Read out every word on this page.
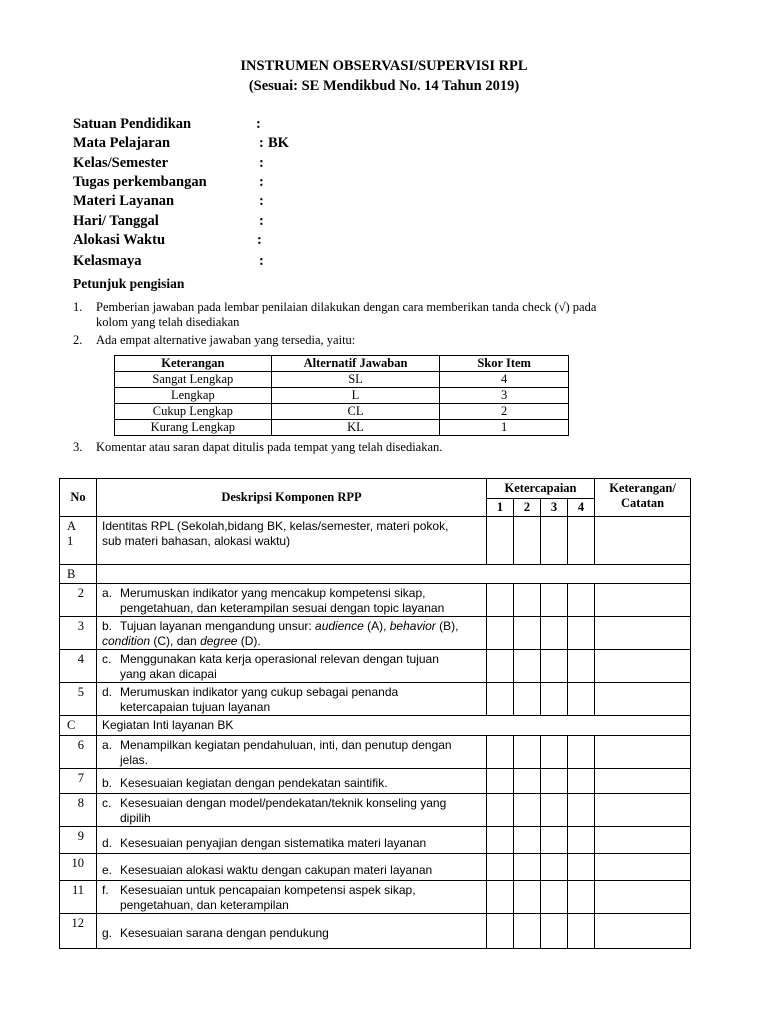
INSTRUMEN OBSERVASI/SUPERVISI RPL
(Sesuai: SE Mendikbud No. 14 Tahun 2019)
Satuan Pendidikan	:
Mata Pelajaran	: BK
Kelas/Semester	:
Tugas perkembangan	:
Materi Layanan	:
Hari/ Tanggal	:
Alokasi Waktu	:
Kelasmaya	:
Petunjuk pengisian
1. Pemberian jawaban pada lembar penilaian dilakukan dengan cara memberikan tanda check (√) pada
kolom yang telah disediakan
2. Ada empat alternative jawaban yang tersedia, yaitu:
Keterangan	Alternatif Jawaban	Skor Item
Sangat Lengkap	SL	4
Lengkap	L	3
Cukup Lengkap	CL	2
Kurang Lengkap	KL	1
3. Komentar atau saran dapat ditulis pada tempat yang telah disediakan.
No	Deskripsi Komponen RPP	Ketercapaian				Keterangan/
Catatan

		1	2	3	4	
A 1	Identitas RPL (Sekolah,bidang BK, kelas/semester, materi pokok,
sub materi bahasan, alokasi waktu)					

B						
2	a. Merumuskan indikator yang mencakup kompetensi sikap,
pengetahuan, dan keterampilan sesuai dengan topic layanan					

3	b. Tujuan layanan mengandung unsur: audience (A), behavior (B),
condition (C), dan degree (D).					

4	c. Menggunakan kata kerja operasional relevan dengan tujuan
yang akan dicapai					

5	d. Merumuskan indikator yang cukup sebagai penanda
ketercapaian tujuan layanan					

C	Kegiatan Inti layanan BK					
6	a. Menampilkan kegiatan pendahuluan, inti, dan penutup dengan
jelas.					

7	b. Kesesuaian kegiatan dengan pendekatan saintifik.					

8	c. Kesesuaian dengan model/pendekatan/teknik konseling yang
dipilih					

9	d. Kesesuaian penyajian dengan sistematika materi layanan					

10	e. Kesesuaian alokasi waktu dengan cakupan materi layanan					

11	f. Kesesuaian untuk pencapaian kompetensi aspek sikap,
pengetahuan, dan keterampilan					

12	g. Kesesuaian sarana dengan pendukung					
